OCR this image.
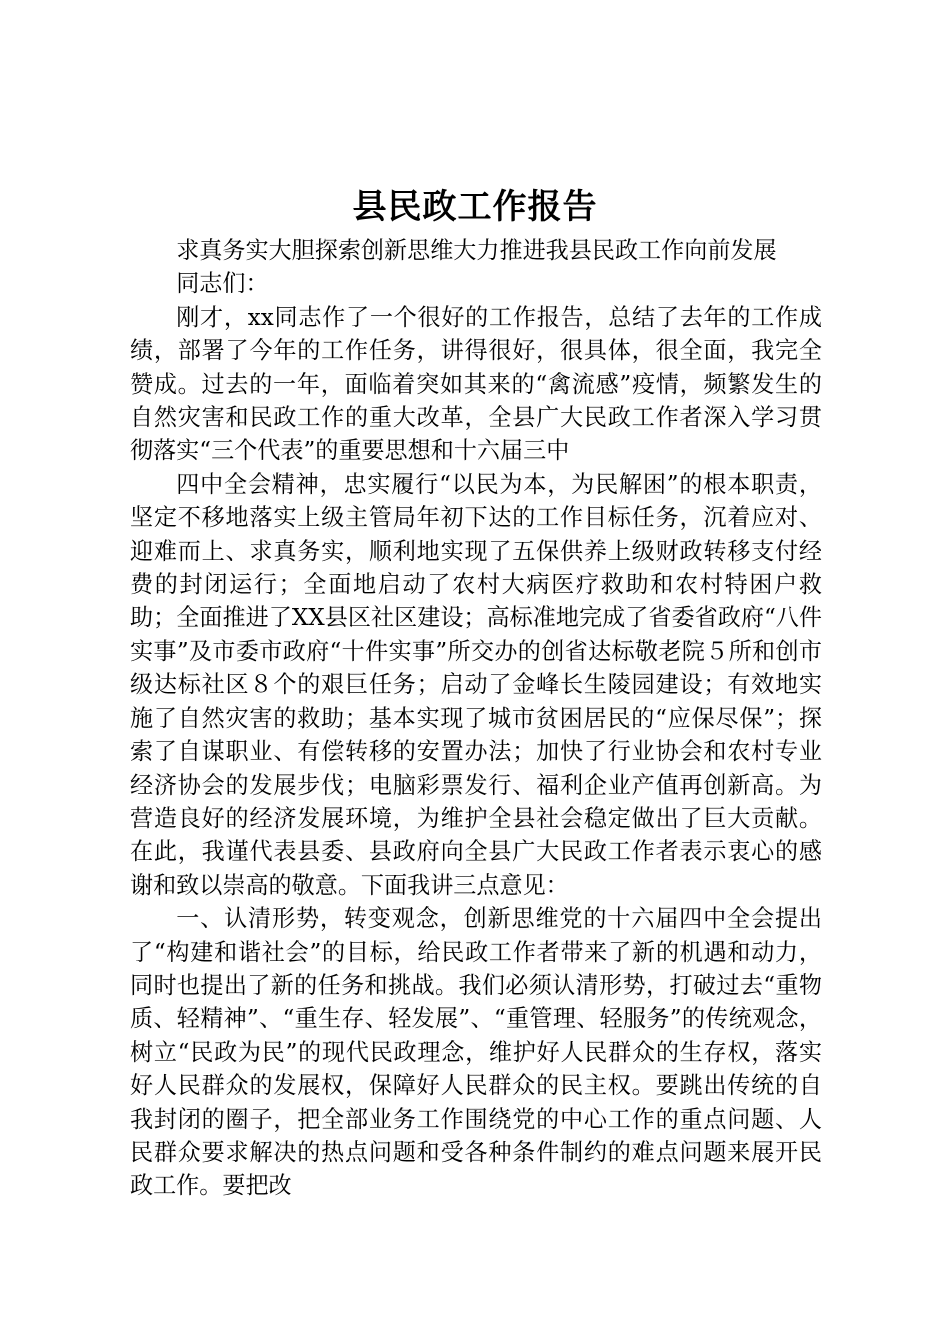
县民政工作报告

求真务实大胆探索创新思维大力推进我县民政工作向前发展

同志们：

刚才，xx同志作了一个很好的工作报告，总结了去年的工作成绩，部署了今年的工作任务，讲得很好，很具体，很全面，我完全赞成。过去的一年，面临着突如其来的“禽流感”疫情，频繁发生的自然灾害和民政工作的重大改革，全县广大民政工作者深入学习贯彻落实“三个代表”的重要思想和十六届三中

四中全会精神，忠实履行“以民为本，为民解困”的根本职责，坚定不移地落实上级主管局年初下达的工作目标任务，沉着应对、迎难而上、求真务实，顺利地实现了五保供养上级财政转移支付经费的封闭运行；全面地启动了农村大病医疗救助和农村特困户救助；全面推进了XX县区社区建设；高标准地完成了省委省政府“八件实事”及市委市政府“十件实事”所交办的创省达标敬老院５所和创市级达标社区８个的艰巨任务；启动了金峰长生陵园建设；有效地实施了自然灾害的救助；基本实现了城市贫困居民的“应保尽保”；探索了自谋职业、有偿转移的安置办法；加快了行业协会和农村专业经济协会的发展步伐；电脑彩票发行、福利企业产值再创新高。为营造良好的经济发展环境，为维护全县社会稳定做出了巨大贡献。在此，我谨代表县委、县政府向全县广大民政工作者表示衷心的感谢和致以崇高的敬意。下面我讲三点意见：

一、认清形势，转变观念，创新思维党的十六届四中全会提出了“构建和谐社会”的目标，给民政工作者带来了新的机遇和动力，同时也提出了新的任务和挑战。我们必须认清形势，打破过去“重物质、轻精神”、“重生存、轻发展”、“重管理、轻服务”的传统观念，树立“民政为民”的现代民政理念，维护好人民群众的生存权，落实好人民群众的发展权，保障好人民群众的民主权。要跳出传统的自我封闭的圈子，把全部业务工作围绕党的中心工作的重点问题、人民群众要求解决的热点问题和受各种条件制约的难点问题来展开民政工作。要把改
